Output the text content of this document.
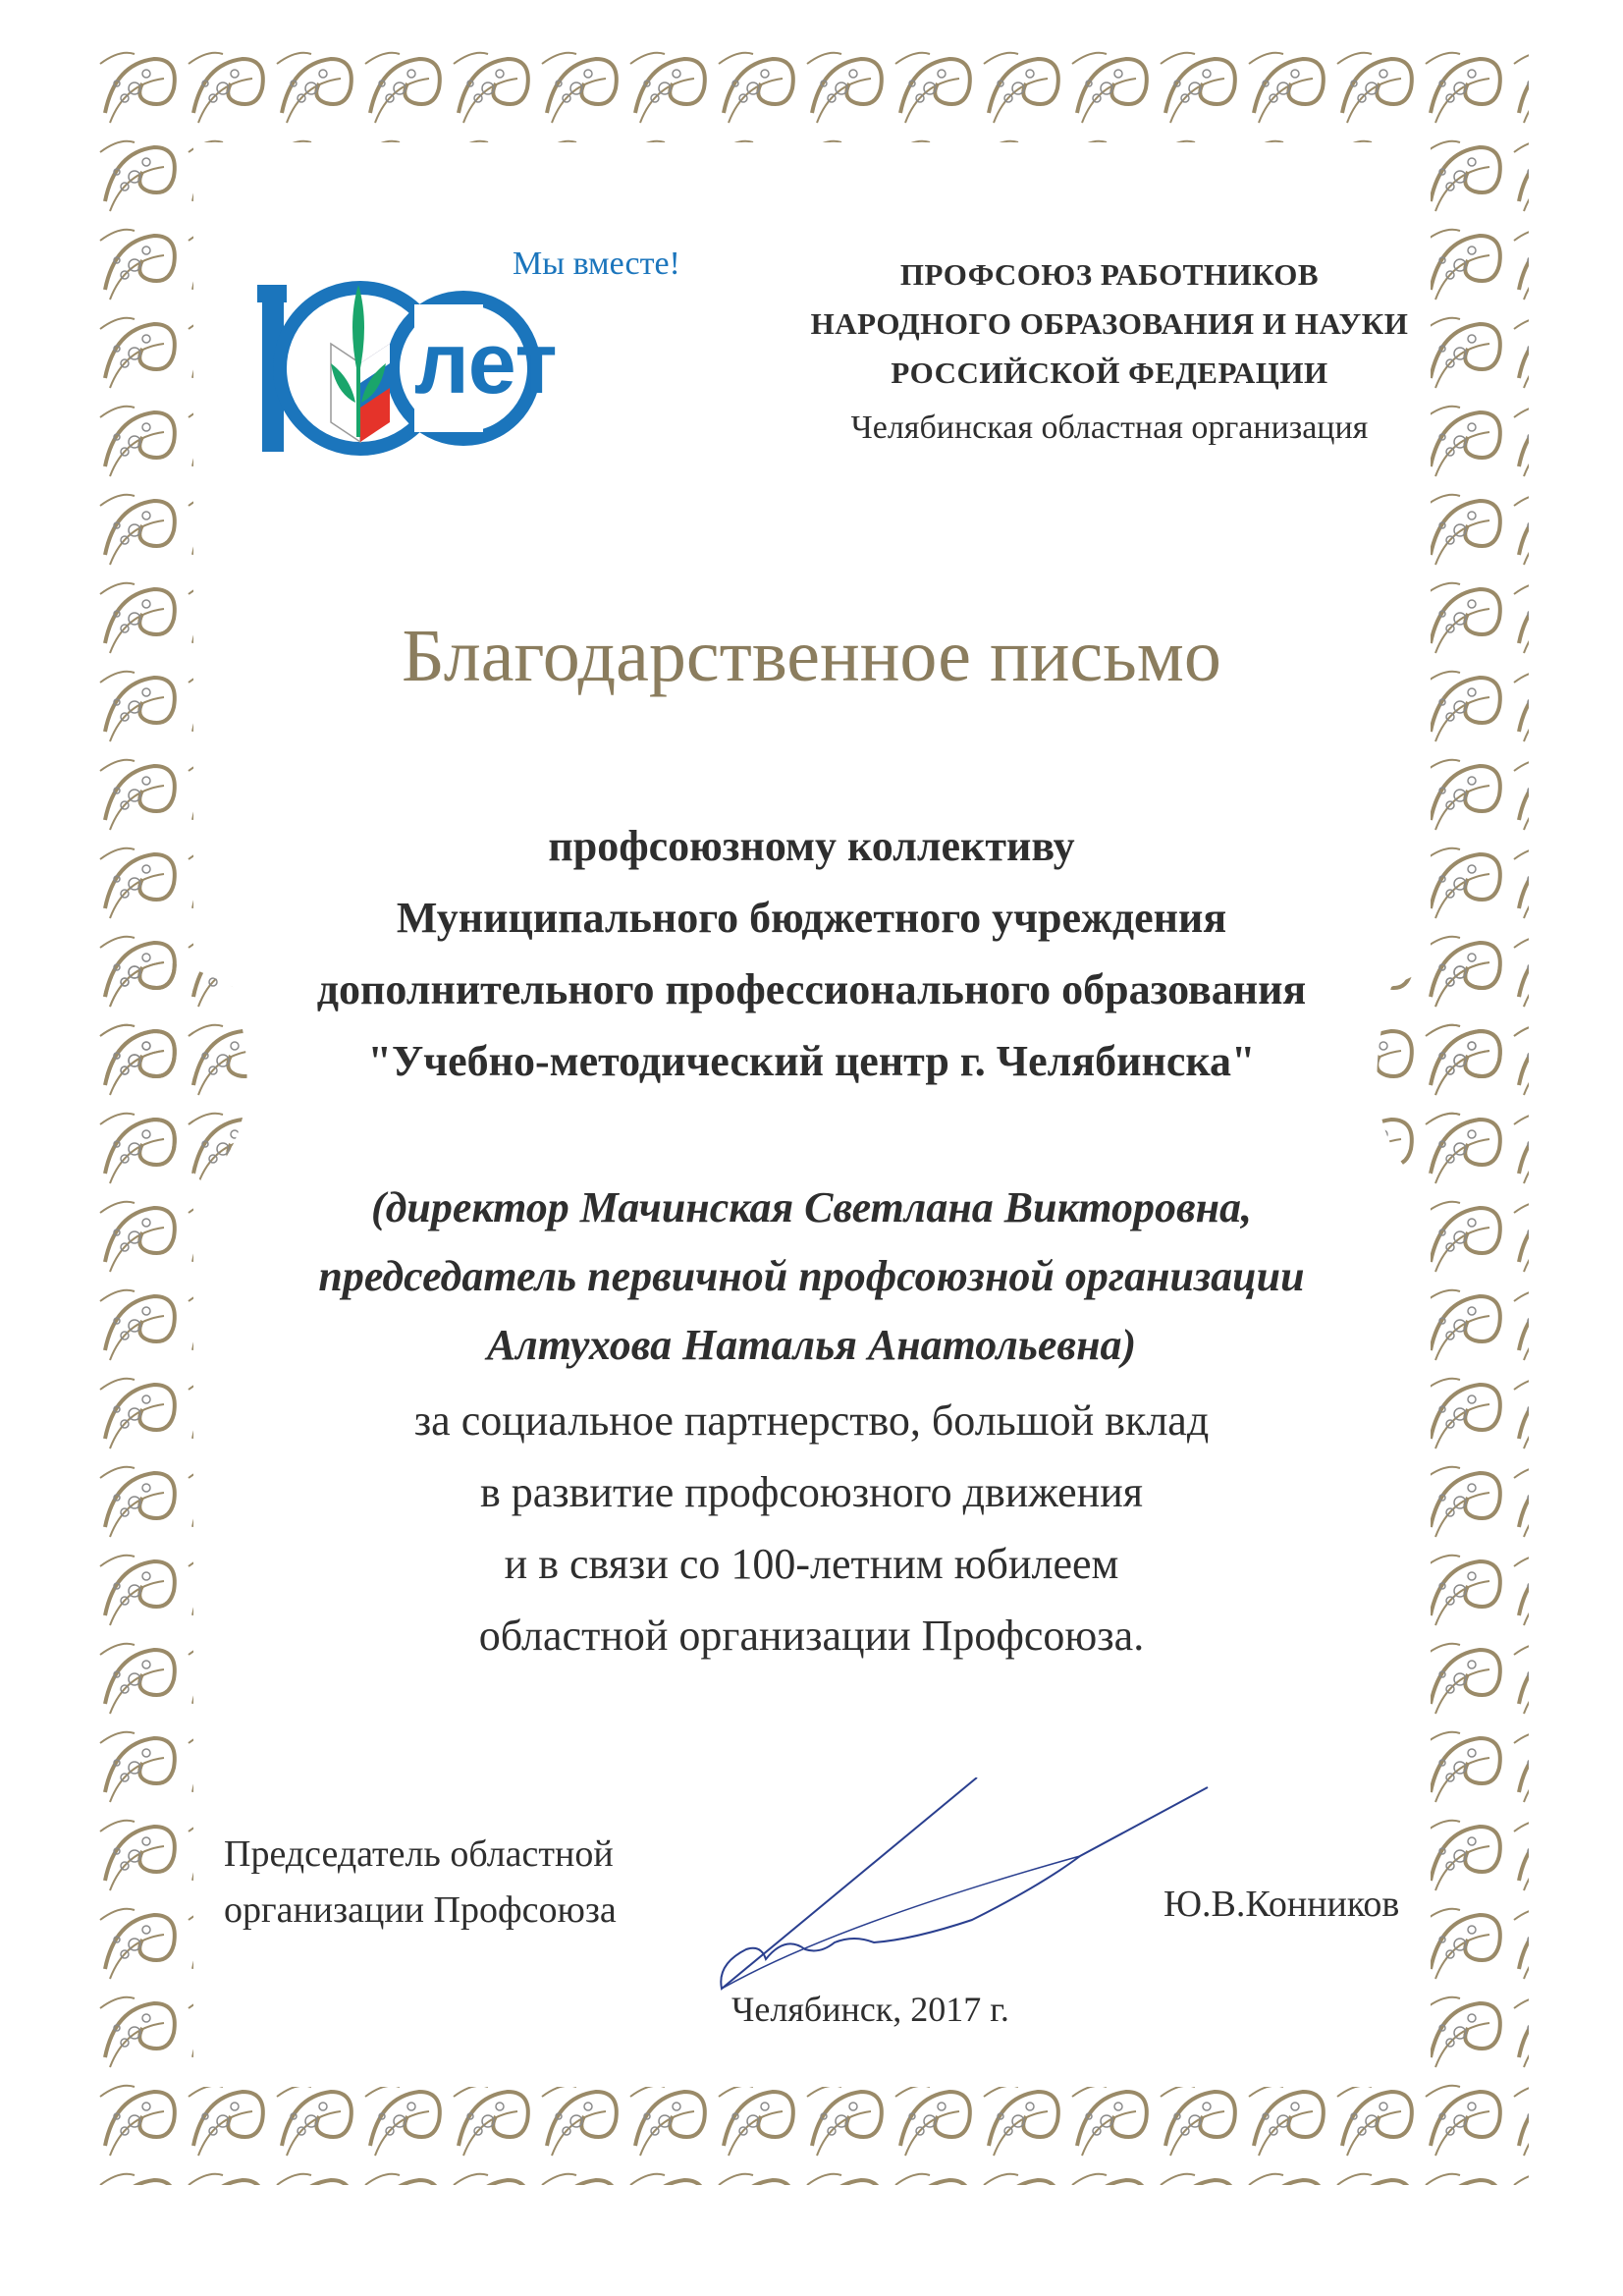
Мы вместе!
лет
ПРОФСОЮЗ РАБОТНИКОВ
НАРОДНОГО ОБРАЗОВАНИЯ И НАУКИ
РОССИЙСКОЙ ФЕДЕРАЦИИ
Челябинская областная организация
Благодарственное письмо
профсоюзному коллективу
Муниципального бюджетного учреждения
дополнительного профессионального образования
"Учебно-методический центр г. Челябинска"
(директор Мачинская Светлана Викторовна,
председатель первичной профсоюзной организации
Алтухова Наталья Анатольевна)
за социальное партнерство, большой вклад
в развитие профсоюзного движения
и в связи со 100-летним юбилеем
областной организации Профсоюза.
Председатель областной
организации Профсоюза	Ю.В.Конников
Челябинск, 2017 г.
